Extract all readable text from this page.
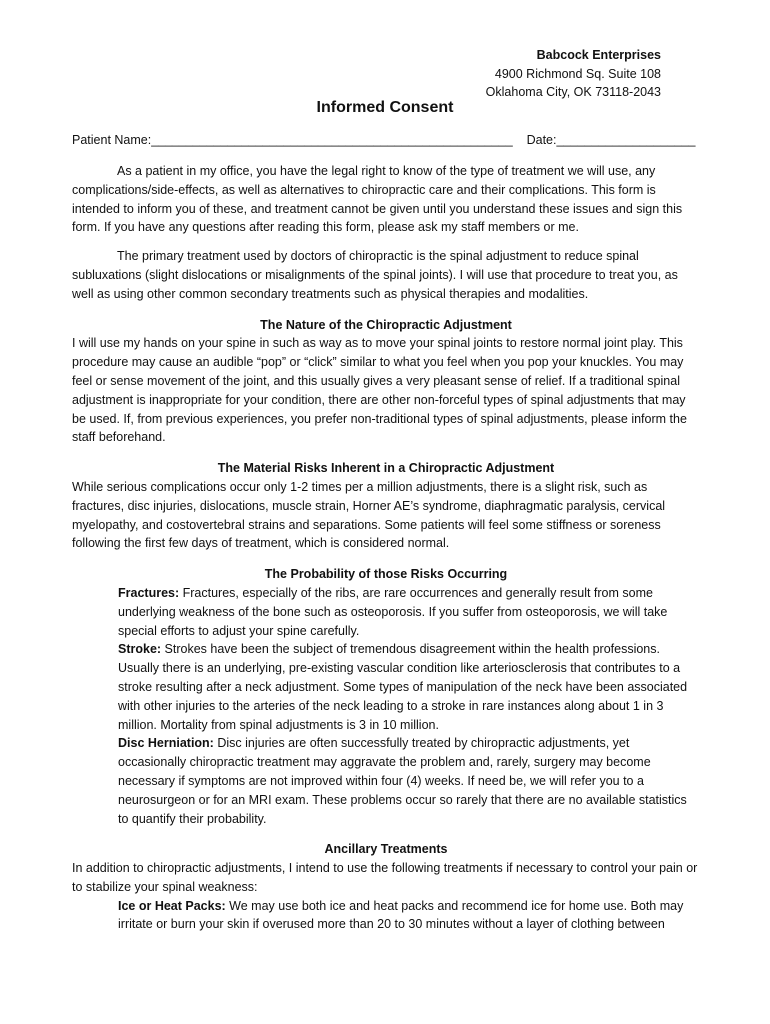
Babcock Enterprises
4900 Richmond Sq. Suite 108
Oklahoma City, OK 73118-2043
Informed Consent
Patient Name:____________________________________________________    Date:____________________

As a patient in my office, you have the legal right to know of the type of treatment we will use, any complications/side-effects, as well as alternatives to chiropractic care and their complications. This form is intended to inform you of these, and treatment cannot be given until you understand these issues and sign this form. If you have any questions after reading this form, please ask my staff members or me.

The primary treatment used by doctors of chiropractic is the spinal adjustment to reduce spinal subluxations (slight dislocations or misalignments of the spinal joints). I will use that procedure to treat you, as well as using other common secondary treatments such as physical therapies and modalities.

The Nature of the Chiropractic Adjustment

I will use my hands on your spine in such as way as to move your spinal joints to restore normal joint play. This procedure may cause an audible “pop” or “click” similar to what you feel when you pop your knuckles. You may feel or sense movement of the joint, and this usually gives a very pleasant sense of relief. If a traditional spinal adjustment is inappropriate for your condition, there are other non-forceful types of spinal adjustments that may be used. If, from previous experiences, you prefer non-traditional types of spinal adjustments, please inform the staff beforehand.

The Material Risks Inherent in a Chiropractic Adjustment

While serious complications occur only 1-2 times per a million adjustments, there is a slight risk, such as fractures, disc injuries, dislocations, muscle strain, Horner AE’s syndrome, diaphragmatic paralysis, cervical myelopathy, and costovertebral strains and separations. Some patients will feel some stiffness or soreness following the first few days of treatment, which is considered normal.

The Probability of those Risks Occurring

Fractures: Fractures, especially of the ribs, are rare occurrences and generally result from some underlying weakness of the bone such as osteoporosis. If you suffer from osteoporosis, we will take special efforts to adjust your spine carefully.

Stroke: Strokes have been the subject of tremendous disagreement within the health professions. Usually there is an underlying, pre-existing vascular condition like arteriosclerosis that contributes to a stroke resulting after a neck adjustment. Some types of manipulation of the neck have been associated with other injuries to the arteries of the neck leading to a stroke in rare instances along about 1 in 3 million. Mortality from spinal adjustments is 3 in 10 million.

Disc Herniation: Disc injuries are often successfully treated by chiropractic adjustments, yet occasionally chiropractic treatment may aggravate the problem and, rarely, surgery may become necessary if symptoms are not improved within four (4) weeks. If need be, we will refer you to a neurosurgeon or for an MRI exam. These problems occur so rarely that there are no available statistics to quantify their probability.

Ancillary Treatments

In addition to chiropractic adjustments, I intend to use the following treatments if necessary to control your pain or to stabilize your spinal weakness:

Ice or Heat Packs: We may use both ice and heat packs and recommend ice for home use. Both may irritate or burn your skin if overused more than 20 to 30 minutes without a layer of clothing between
